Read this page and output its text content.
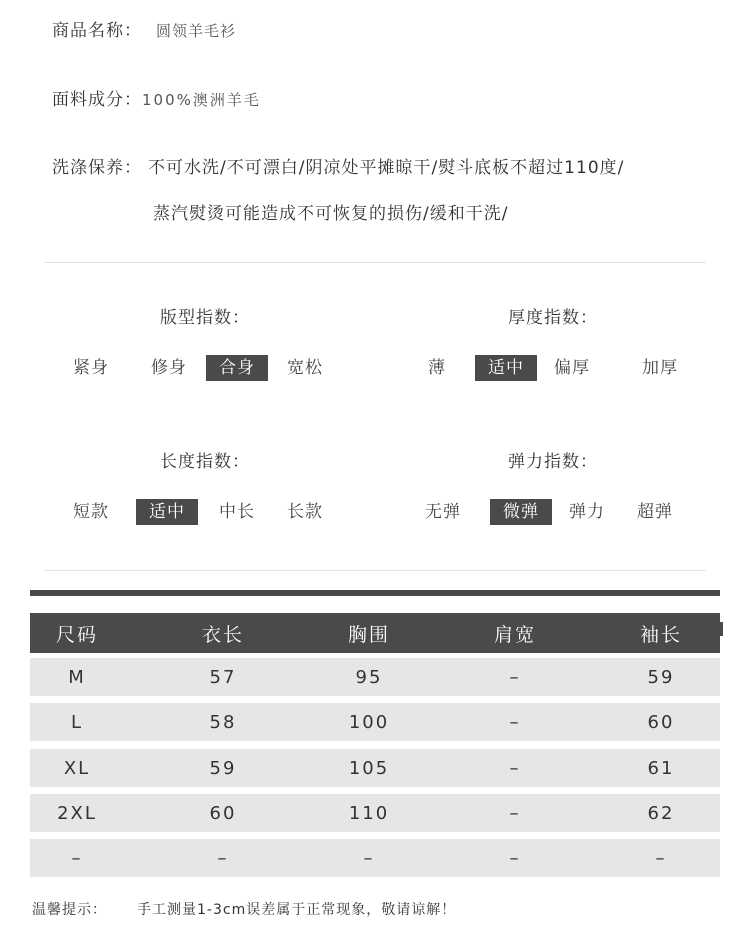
商品名称： 圆领羊毛衫
面料成分：100%澳洲羊毛
洗涤保养： 不可水洗/不可漂白/阴凉处平摊晾干/熨斗底板不超过110度/
蒸汽熨烫可能造成不可恢复的损伤/缓和干洗/
版型指数：
紧身	修身	合身	宽松
厚度指数：
薄	适中	偏厚	加厚
长度指数：
短款	适中	中长	长款
弹力指数：
无弹	微弹	弹力	超弹
尺码	衣长	胸围	肩宽	袖长
M	57	95	–	59
L	58	100	–	60
XL	59	105	–	61
2XL	60	110	–	62
–	–	–	–	–
温馨提示： 手工测量1-3cm误差属于正常现象，敬请谅解！
